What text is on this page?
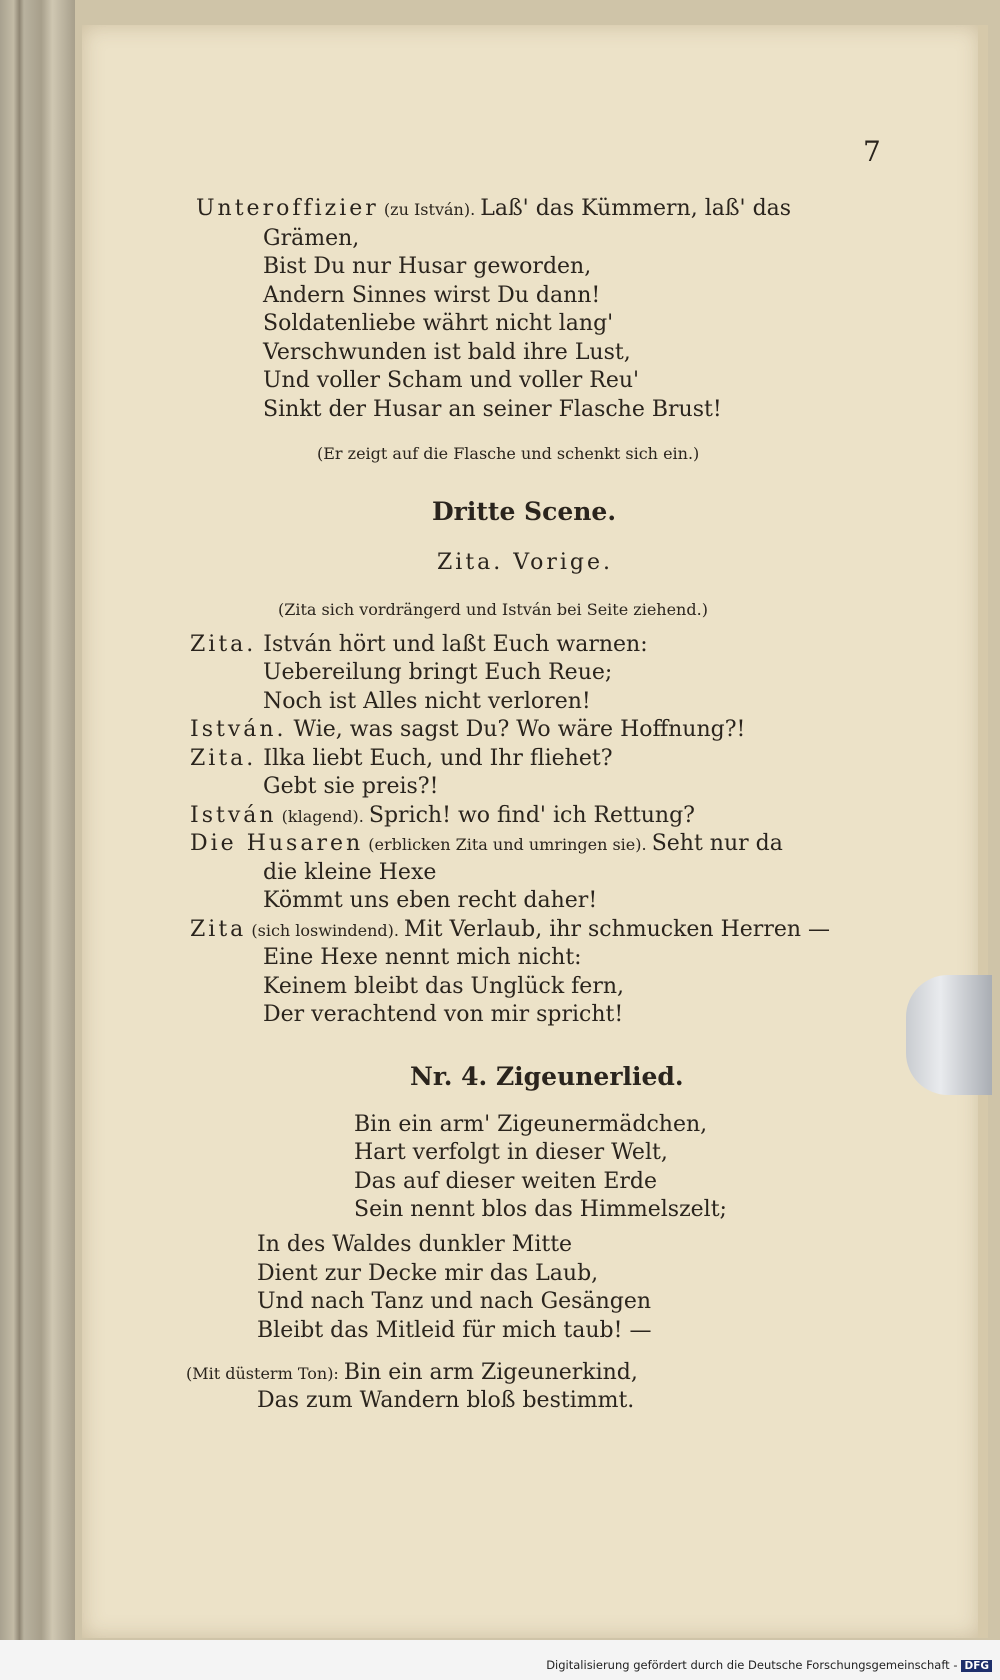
7
Unteroffizier (zu István). Laß' das Kümmern, laß' das
Grämen,
Bist Du nur Husar geworden,
Andern Sinnes wirst Du dann!
Soldatenliebe währt nicht lang'
Verschwunden ist bald ihre Lust,
Und voller Scham und voller Reu'
Sinkt der Husar an seiner Flasche Brust!
(Er zeigt auf die Flasche und schenkt sich ein.)
Dritte Scene.
Zita. Vorige.
(Zita sich vordrängerd und István bei Seite ziehend.)
Zita. István hört und laßt Euch warnen:
Uebereilung bringt Euch Reue;
Noch ist Alles nicht verloren!
István. Wie, was sagst Du? Wo wäre Hoffnung?!
Zita. Ilka liebt Euch, und Ihr fliehet?
Gebt sie preis?!
István (klagend). Sprich! wo find' ich Rettung?
Die Husaren (erblicken Zita und umringen sie). Seht nur da
die kleine Hexe
Kömmt uns eben recht daher!
Zita (sich loswindend). Mit Verlaub, ihr schmucken Herren —
Eine Hexe nennt mich nicht:
Keinem bleibt das Unglück fern,
Der verachtend von mir spricht!
Nr. 4. Zigeunerlied.
Bin ein arm' Zigeunermädchen,
Hart verfolgt in dieser Welt,
Das auf dieser weiten Erde
Sein nennt blos das Himmelszelt;
In des Waldes dunkler Mitte
Dient zur Decke mir das Laub,
Und nach Tanz und nach Gesängen
Bleibt das Mitleid für mich taub! —
(Mit düsterm Ton): Bin ein arm Zigeunerkind,
Das zum Wandern bloß bestimmt.
Digitalisierung gefördert durch die Deutsche Forschungsgemeinschaft - DFG
